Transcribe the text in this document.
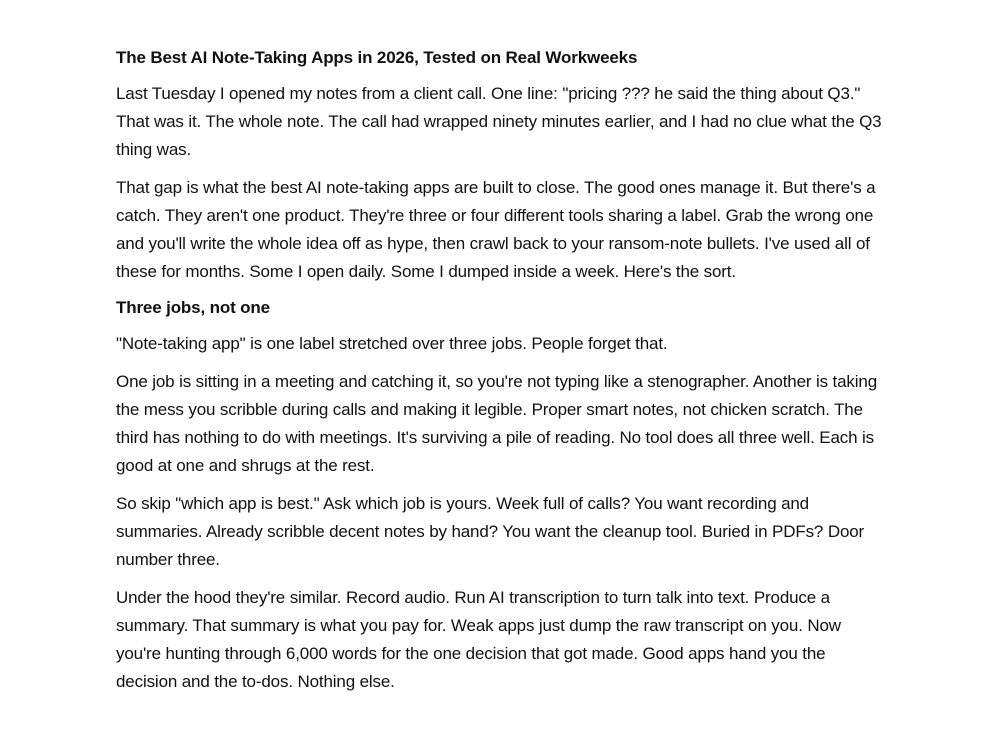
The Best AI Note-Taking Apps in 2026, Tested on Real Workweeks

Last Tuesday I opened my notes from a client call. One line: "pricing ??? he said the thing about Q3." That was it. The whole note. The call had wrapped ninety minutes earlier, and I had no clue what the Q3 thing was.

That gap is what the best AI note-taking apps are built to close. The good ones manage it. But there's a catch. They aren't one product. They're three or four different tools sharing a label. Grab the wrong one and you'll write the whole idea off as hype, then crawl back to your ransom-note bullets. I've used all of these for months. Some I open daily. Some I dumped inside a week. Here's the sort.

Three jobs, not one

"Note-taking app" is one label stretched over three jobs. People forget that.

One job is sitting in a meeting and catching it, so you're not typing like a stenographer. Another is taking the mess you scribble during calls and making it legible. Proper smart notes, not chicken scratch. The third has nothing to do with meetings. It's surviving a pile of reading. No tool does all three well. Each is good at one and shrugs at the rest.

So skip "which app is best." Ask which job is yours. Week full of calls? You want recording and summaries. Already scribble decent notes by hand? You want the cleanup tool. Buried in PDFs? Door number three.

Under the hood they're similar. Record audio. Run AI transcription to turn talk into text. Produce a summary. That summary is what you pay for. Weak apps just dump the raw transcript on you. Now you're hunting through 6,000 words for the one decision that got made. Good apps hand you the decision and the to-dos. Nothing else.
